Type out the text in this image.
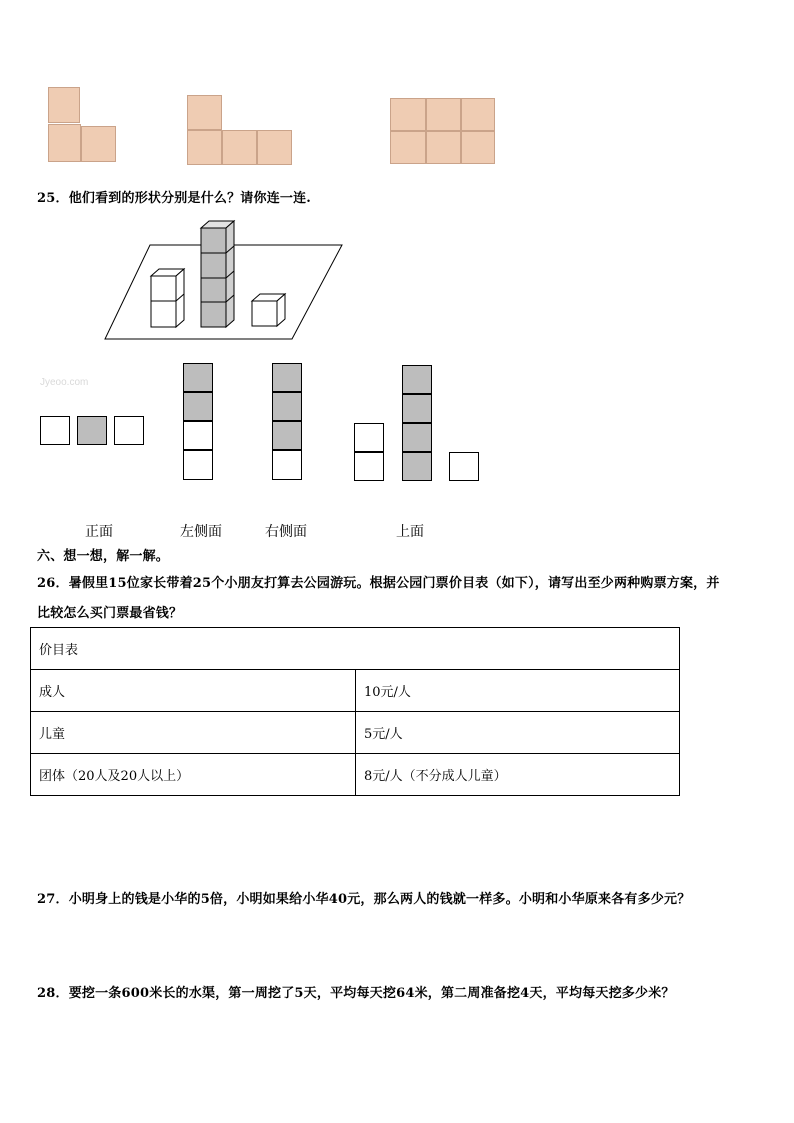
25．他们看到的形状分别是什么？请你连一连.
Jyeoo.com
正面	左侧面	右侧面	上面
六、想一想，解一解。
26．暑假里15位家长带着25个小朋友打算去公园游玩。根据公园门票价目表（如下），请写出至少两种购票方案，并
比较怎么买门票最省钱？
价目表	
成人	10元/人
儿童	5元/人
团体（20人及20人以上）	8元/人（不分成人儿童）
27．小明身上的钱是小华的5倍，小明如果给小华40元，那么两人的钱就一样多。小明和小华原来各有多少元？
28．要挖一条600米长的水渠，第一周挖了5天，平均每天挖64米，第二周准备挖4天，平均每天挖多少米？
